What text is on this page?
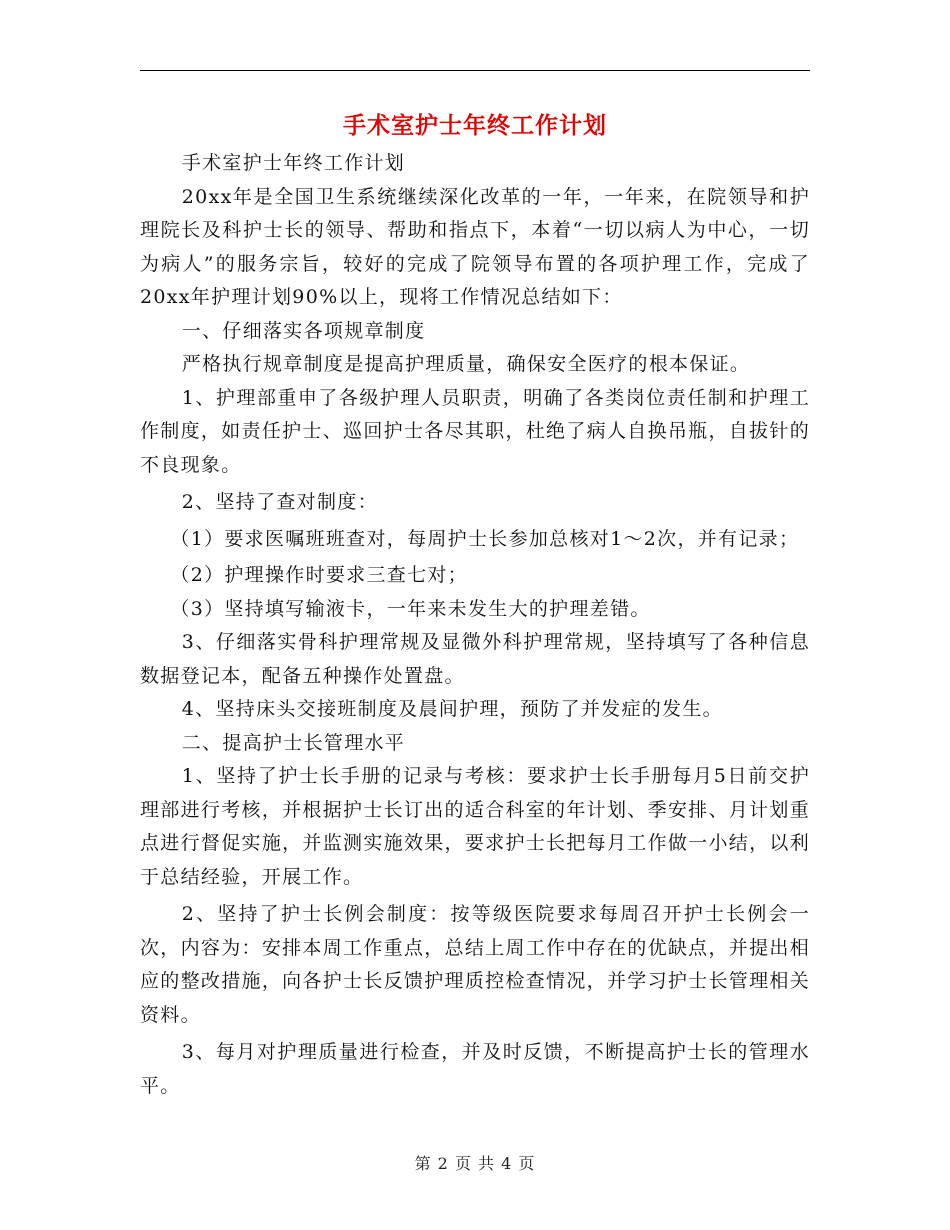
手术室护士年终工作计划

手术室护士年终工作计划

20xx年是全国卫生系统继续深化改革的一年，一年来，在院领导和护理院长及科护士长的领导、帮助和指点下，本着“一切以病人为中心，一切为病人”的服务宗旨，较好的完成了院领导布置的各项护理工作，完成了20xx年护理计划90%以上，现将工作情况总结如下：

一、仔细落实各项规章制度

严格执行规章制度是提高护理质量，确保安全医疗的根本保证。

1、护理部重申了各级护理人员职责，明确了各类岗位责任制和护理工作制度，如责任护士、巡回护士各尽其职，杜绝了病人自换吊瓶，自拔针的不良现象。

2、坚持了查对制度：

（1）要求医嘱班班查对，每周护士长参加总核对1～2次，并有记录；

（2）护理操作时要求三查七对；

（3）坚持填写输液卡，一年来未发生大的护理差错。

3、仔细落实骨科护理常规及显微外科护理常规，坚持填写了各种信息数据登记本，配备五种操作处置盘。

4、坚持床头交接班制度及晨间护理，预防了并发症的发生。

二、提高护士长管理水平

1、坚持了护士长手册的记录与考核：要求护士长手册每月5日前交护理部进行考核，并根据护士长订出的适合科室的年计划、季安排、月计划重点进行督促实施，并监测实施效果，要求护士长把每月工作做一小结，以利于总结经验，开展工作。

2、坚持了护士长例会制度：按等级医院要求每周召开护士长例会一次，内容为：安排本周工作重点，总结上周工作中存在的优缺点，并提出相应的整改措施，向各护士长反馈护理质控检查情况，并学习护士长管理相关资料。

3、每月对护理质量进行检查，并及时反馈，不断提高护士长的管理水平。

第 2 页 共 4 页
